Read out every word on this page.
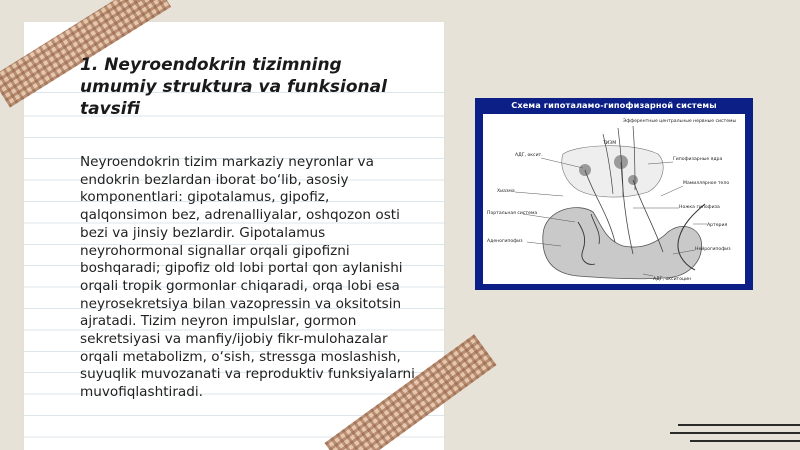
1. Neyroendokrin tizimning umumiy struktura va funksional tavsifi
Neyroendokrin tizim markaziy neyronlar va endokrin bezlardan iborat bo‘lib, asosiy komponentlari: gipotalamus, gipofiz, qalqonsimon bez, adrenalliyalar, oshqozon osti bezi va jinsiy bezlardir. Gipotalamus neyrohormonal signallar orqali gipofizni boshqaradi; gipofiz old lobi portal qon aylanishi orqali tropik gormonlar chiqaradi, orqa lobi esa neyrosekretsiya bilan vazopressin va oksitotsin ajratadi. Tizim neyron impulslar, gormon sekretsiyasi va manfiy/ijobiy fikr-mulohazalar orqali metabolizm, o‘sish, stressga moslashish, suyuqlik muvozanati va reproduktiv funksiyalarni muvofiqlashtiradi.
Схема гипоталамо-гипофизарной системы
Эфферентные центральные нервные системы
АДГ, оксит.
ТИЗМ
Гипофизарные ядра
Хиазма
Мамиллярное тело
Портальная система
Ножка гипофиза
Артерия
Аденогипофиз
Нейрогипофиз
АДГ, окситоцин
